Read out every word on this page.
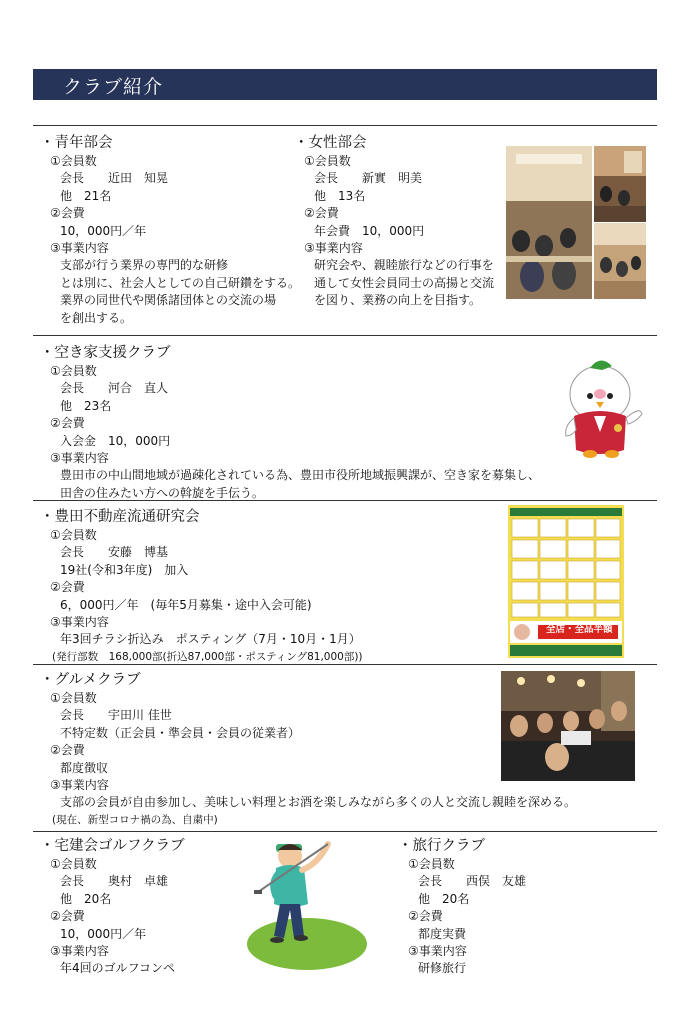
クラブ紹介
・青年部会
①会員数
会長　　近田　知晃
他　21名
②会費
10，000円／年
③事業内容
支部が行う業界の専門的な研修
とは別に、社会人としての自己研鑽をする。
業界の同世代や関係諸団体との交流の場
を創出する。
・女性部会
①会員数
会長　　新實　明美
他　13名
②会費
年会費　10，000円
③事業内容
研究会や、親睦旅行などの行事を
通して女性会員同士の高揚と交流
を図り、業務の向上を目指す。
・空き家支援クラブ
①会員数
会長　　河合　直人
他　23名
②会費
入会金　10，000円
③事業内容
豊田市の中山間地域が過疎化されている為、豊田市役所地域振興課が、空き家を募集し、
田舎の住みたい方への斡旋を手伝う。
・豊田不動産流通研究会
①会員数
会長　　安藤　博基
19社(令和3年度)　加入
②会費
6，000円／年　(毎年5月募集・途中入会可能)
③事業内容
年3回チラシ折込み　ポスティング（7月・10月・1月）
(発行部数　168,000部(折込87,000部・ポスティング81,000部))
全店・全品半額
・グルメクラブ
①会員数
会長　　宇田川 佳世
不特定数（正会員・準会員・会員の従業者）
②会費
都度徴収
③事業内容
支部の会員が自由参加し、美味しい料理とお酒を楽しみながら多くの人と交流し親睦を深める。
(現在、新型コロナ禍の為、自粛中)
・宅建会ゴルフクラブ
①会員数
会長　　奥村　卓雄
他　20名
②会費
10，000円／年
③事業内容
年4回のゴルフコンペ
・旅行クラブ
①会員数
会長　　西俣　友雄
他　20名
②会費
都度実費
③事業内容
研修旅行
